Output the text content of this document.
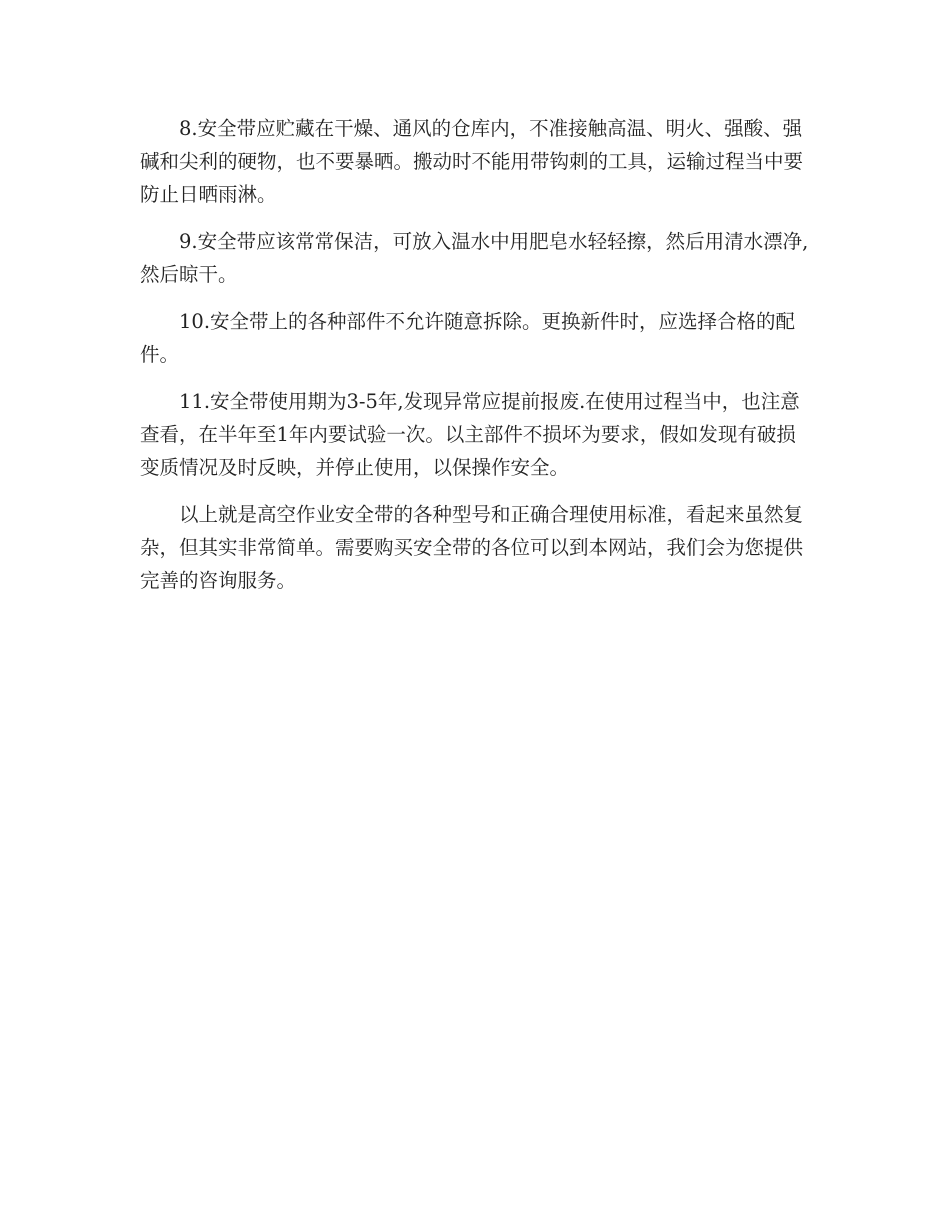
8.安全带应贮藏在干燥、通风的仓库内，不准接触高温、明火、强酸、强碱和尖利的硬物，也不要暴晒。搬动时不能用带钩刺的工具，运输过程当中要防止日晒雨淋。

9.安全带应该常常保洁，可放入温水中用肥皂水轻轻擦，然后用清水漂净,然后晾干。

10.安全带上的各种部件不允许随意拆除。更换新件时，应选择合格的配件。

11.安全带使用期为3-5年,发现异常应提前报废.在使用过程当中，也注意查看，在半年至1年内要试验一次。以主部件不损坏为要求，假如发现有破损变质情况及时反映，并停止使用，以保操作安全。

以上就是高空作业安全带的各种型号和正确合理使用标准，看起来虽然复杂，但其实非常简单。需要购买安全带的各位可以到本网站，我们会为您提供完善的咨询服务。
